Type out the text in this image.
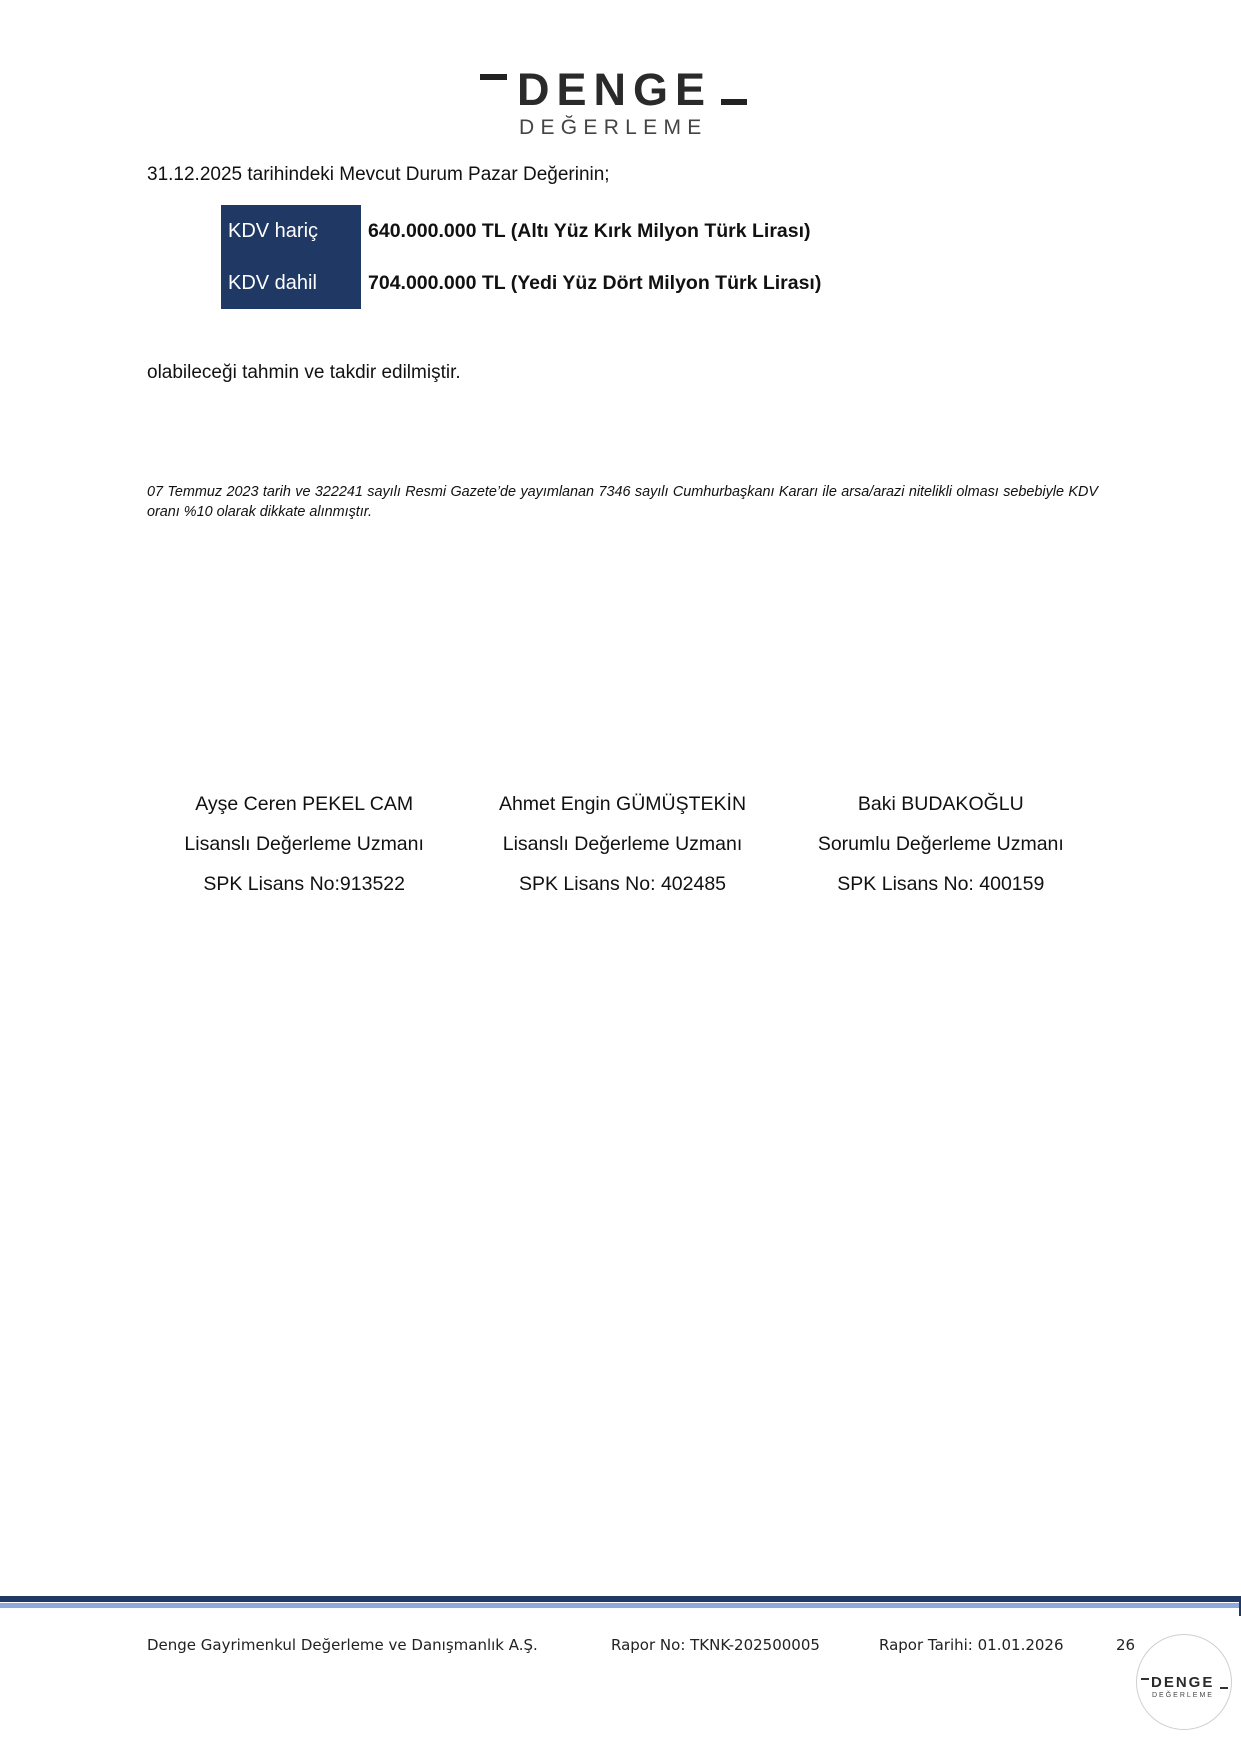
DENGE
DEĞERLEME
31.12.2025 tarihindeki Mevcut Durum Pazar Değerinin;
KDV hariç	640.000.000 TL (Altı Yüz Kırk Milyon Türk Lirası)
KDV dahil	704.000.000 TL (Yedi Yüz Dört Milyon Türk Lirası)
olabileceği tahmin ve takdir edilmiştir.
07 Temmuz 2023 tarih ve 322241 sayılı Resmi Gazete’de yayımlanan 7346 sayılı Cumhurbaşkanı Kararı ile arsa/arazi nitelikli olması sebebiyle KDV oranı %10 olarak dikkate alınmıştır.
Ayşe Ceren PEKEL CAM
Lisanslı Değerleme Uzmanı
SPK Lisans No:913522
Ahmet Engin GÜMÜŞTEKİN
Lisanslı Değerleme Uzmanı
SPK Lisans No: 402485
Baki BUDAKOĞLU
Sorumlu Değerleme Uzmanı
SPK Lisans No: 400159
Denge Gayrimenkul Değerleme ve Danışmanlık A.Ş.	Rapor No: TKNK-202500005	Rapor Tarihi: 01.01.2026	26
DENGE
DEĞERLEME
